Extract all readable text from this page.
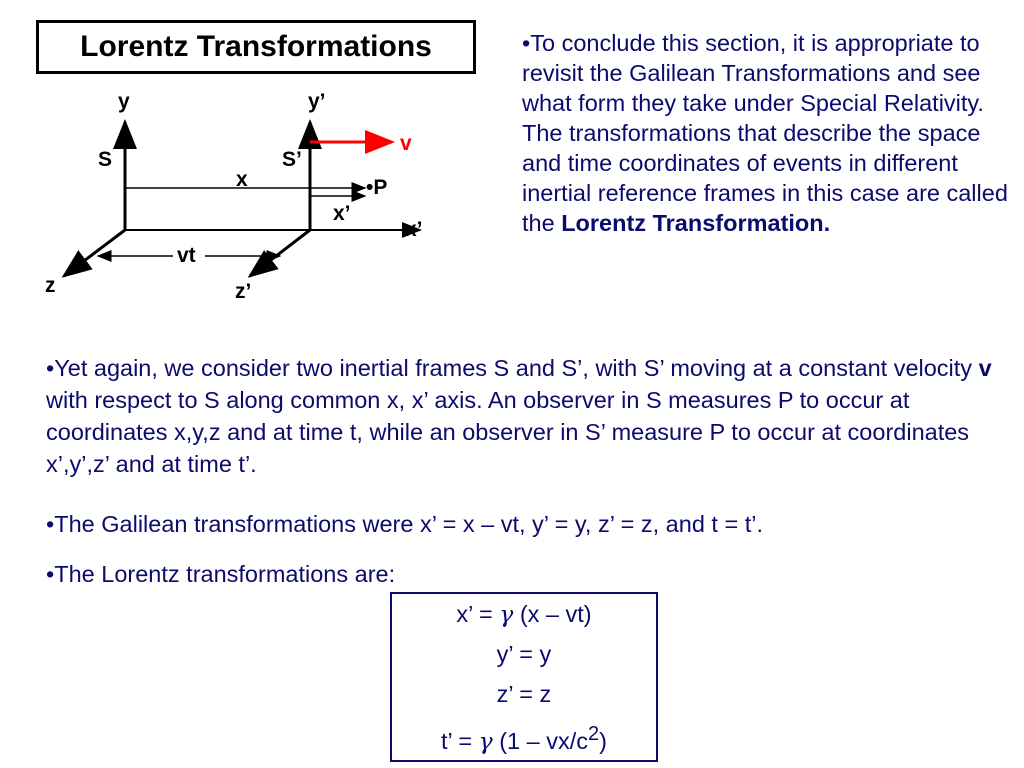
Lorentz Transformations
y	y’
S	S’
v
x	•P
x’
x’
vt
z	z’
•To conclude this section, it is appropriate to revisit the Galilean Transformations and see what form they take under Special Relativity. The transformations that describe the space and time coordinates of events in different inertial reference frames in this case are called the Lorentz Transformation.
•Yet again, we consider two inertial frames S and S’, with S’ moving at a constant velocity v with respect to S along common x, x’ axis. An observer in S measures P to occur at coordinates x,y,z and at time t, while an observer in S’ measure P to occur at coordinates x’,y’,z’ and at time t’.
•The Galilean transformations were x’ = x – vt, y’ = y, z’ = z, and t = t’.
•The Lorentz transformations are:
x’ = γ (x – vt)
y’ = y
z’ = z
t’ = γ $(1 - vx/c^2)$
